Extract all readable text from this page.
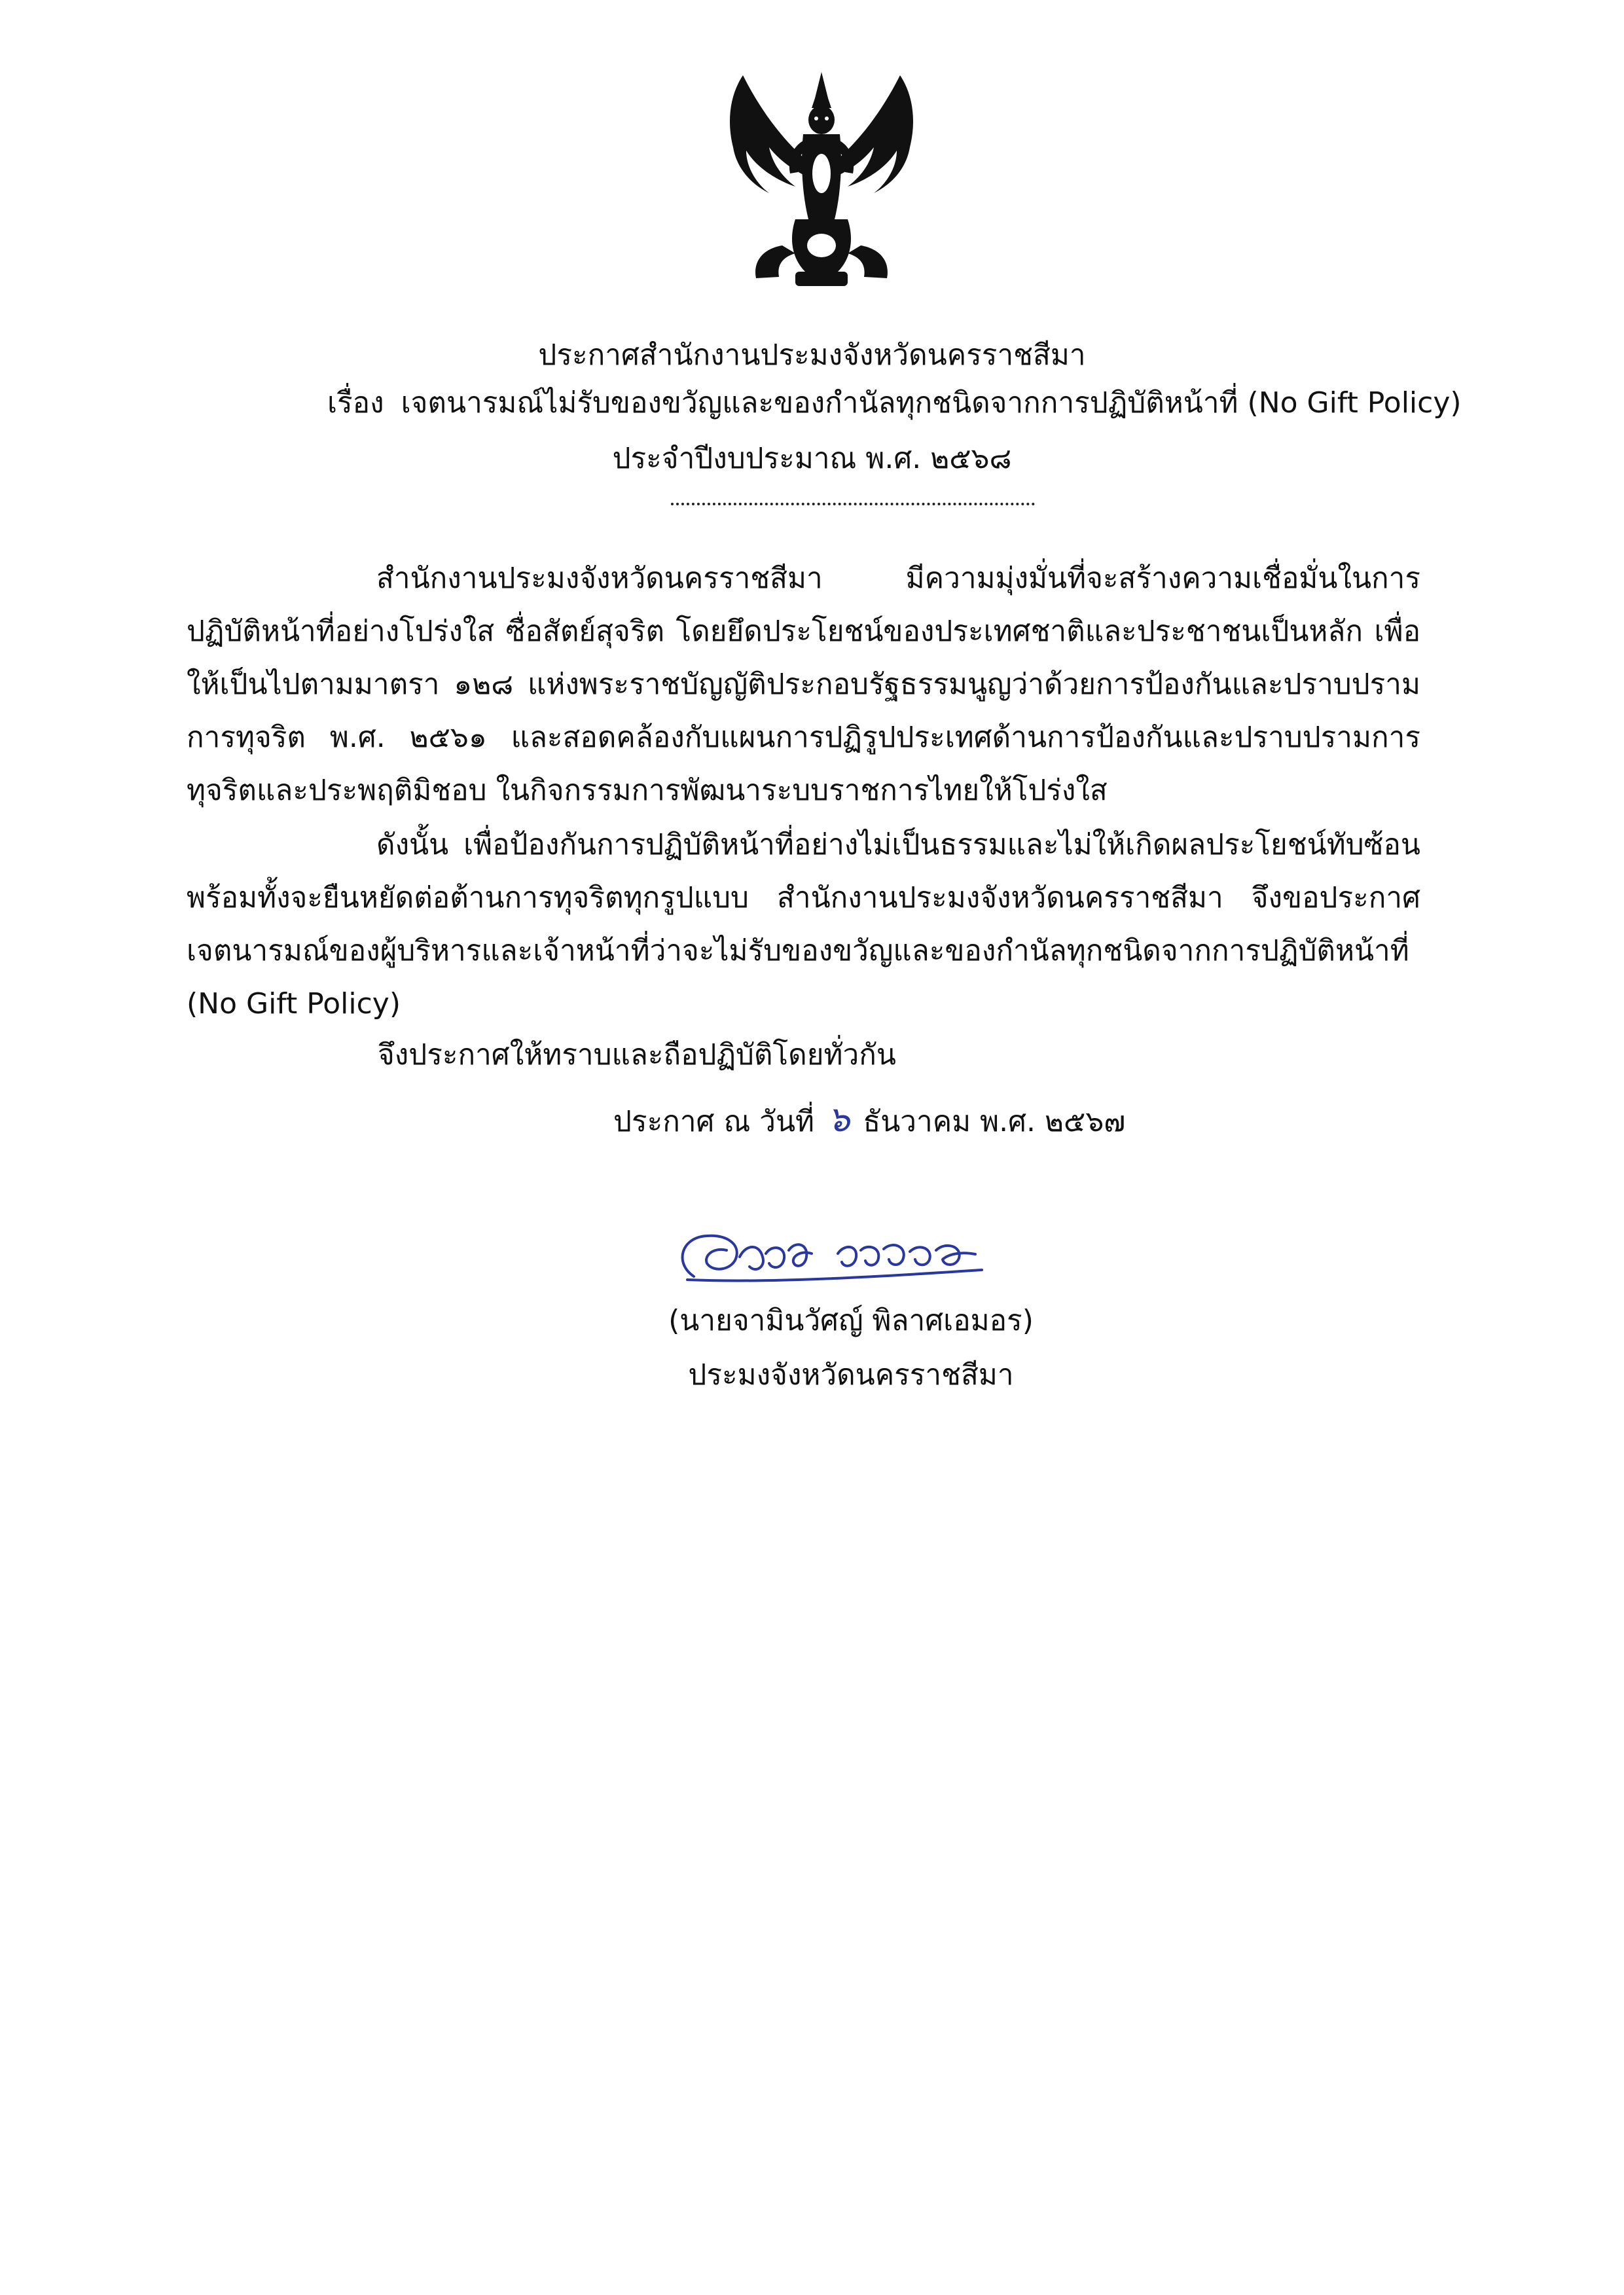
ประกาศสำนักงานประมงจังหวัดนครราชสีมา
เรื่อง เจตนารมณ์ไม่รับของขวัญและของกำนัลทุกชนิดจากการปฏิบัติหน้าที่ (No Gift Policy)
ประจำปีงบประมาณ พ.ศ. ๒๕๖๘

สำนักงานประมงจังหวัดนครราชสีมา มีความมุ่งมั่นที่จะสร้างความเชื่อมั่นในการปฏิบัติหน้าที่อย่างโปร่งใส ซื่อสัตย์สุจริต โดยยึดประโยชน์ของประเทศชาติและประชาชนเป็นหลัก เพื่อให้เป็นไปตามมาตรา ๑๒๘ แห่งพระราชบัญญัติประกอบรัฐธรรมนูญว่าด้วยการป้องกันและปราบปรามการทุจริต พ.ศ. ๒๕๖๑ และสอดคล้องกับแผนการปฏิรูปประเทศด้านการป้องกันและปราบปรามการทุจริตและประพฤติมิชอบ ในกิจกรรมการพัฒนาระบบราชการไทยให้โปร่งใส

ดังนั้น เพื่อป้องกันการปฏิบัติหน้าที่อย่างไม่เป็นธรรมและไม่ให้เกิดผลประโยชน์ทับซ้อน พร้อมทั้งจะยืนหยัดต่อต้านการทุจริตทุกรูปแบบ สำนักงานประมงจังหวัดนครราชสีมา จึงขอประกาศเจตนารมณ์ของผู้บริหารและเจ้าหน้าที่ว่าจะไม่รับของขวัญและของกำนัลทุกชนิดจากการปฏิบัติหน้าที่ (No Gift Policy)

จึงประกาศให้ทราบและถือปฏิบัติโดยทั่วกัน
ประกาศ ณ วันที่ ๖ ธันวาคม พ.ศ. ๒๕๖๗
(นายจามินวัศญ์ พิลาศเอมอร)
ประมงจังหวัดนครราชสีมา
